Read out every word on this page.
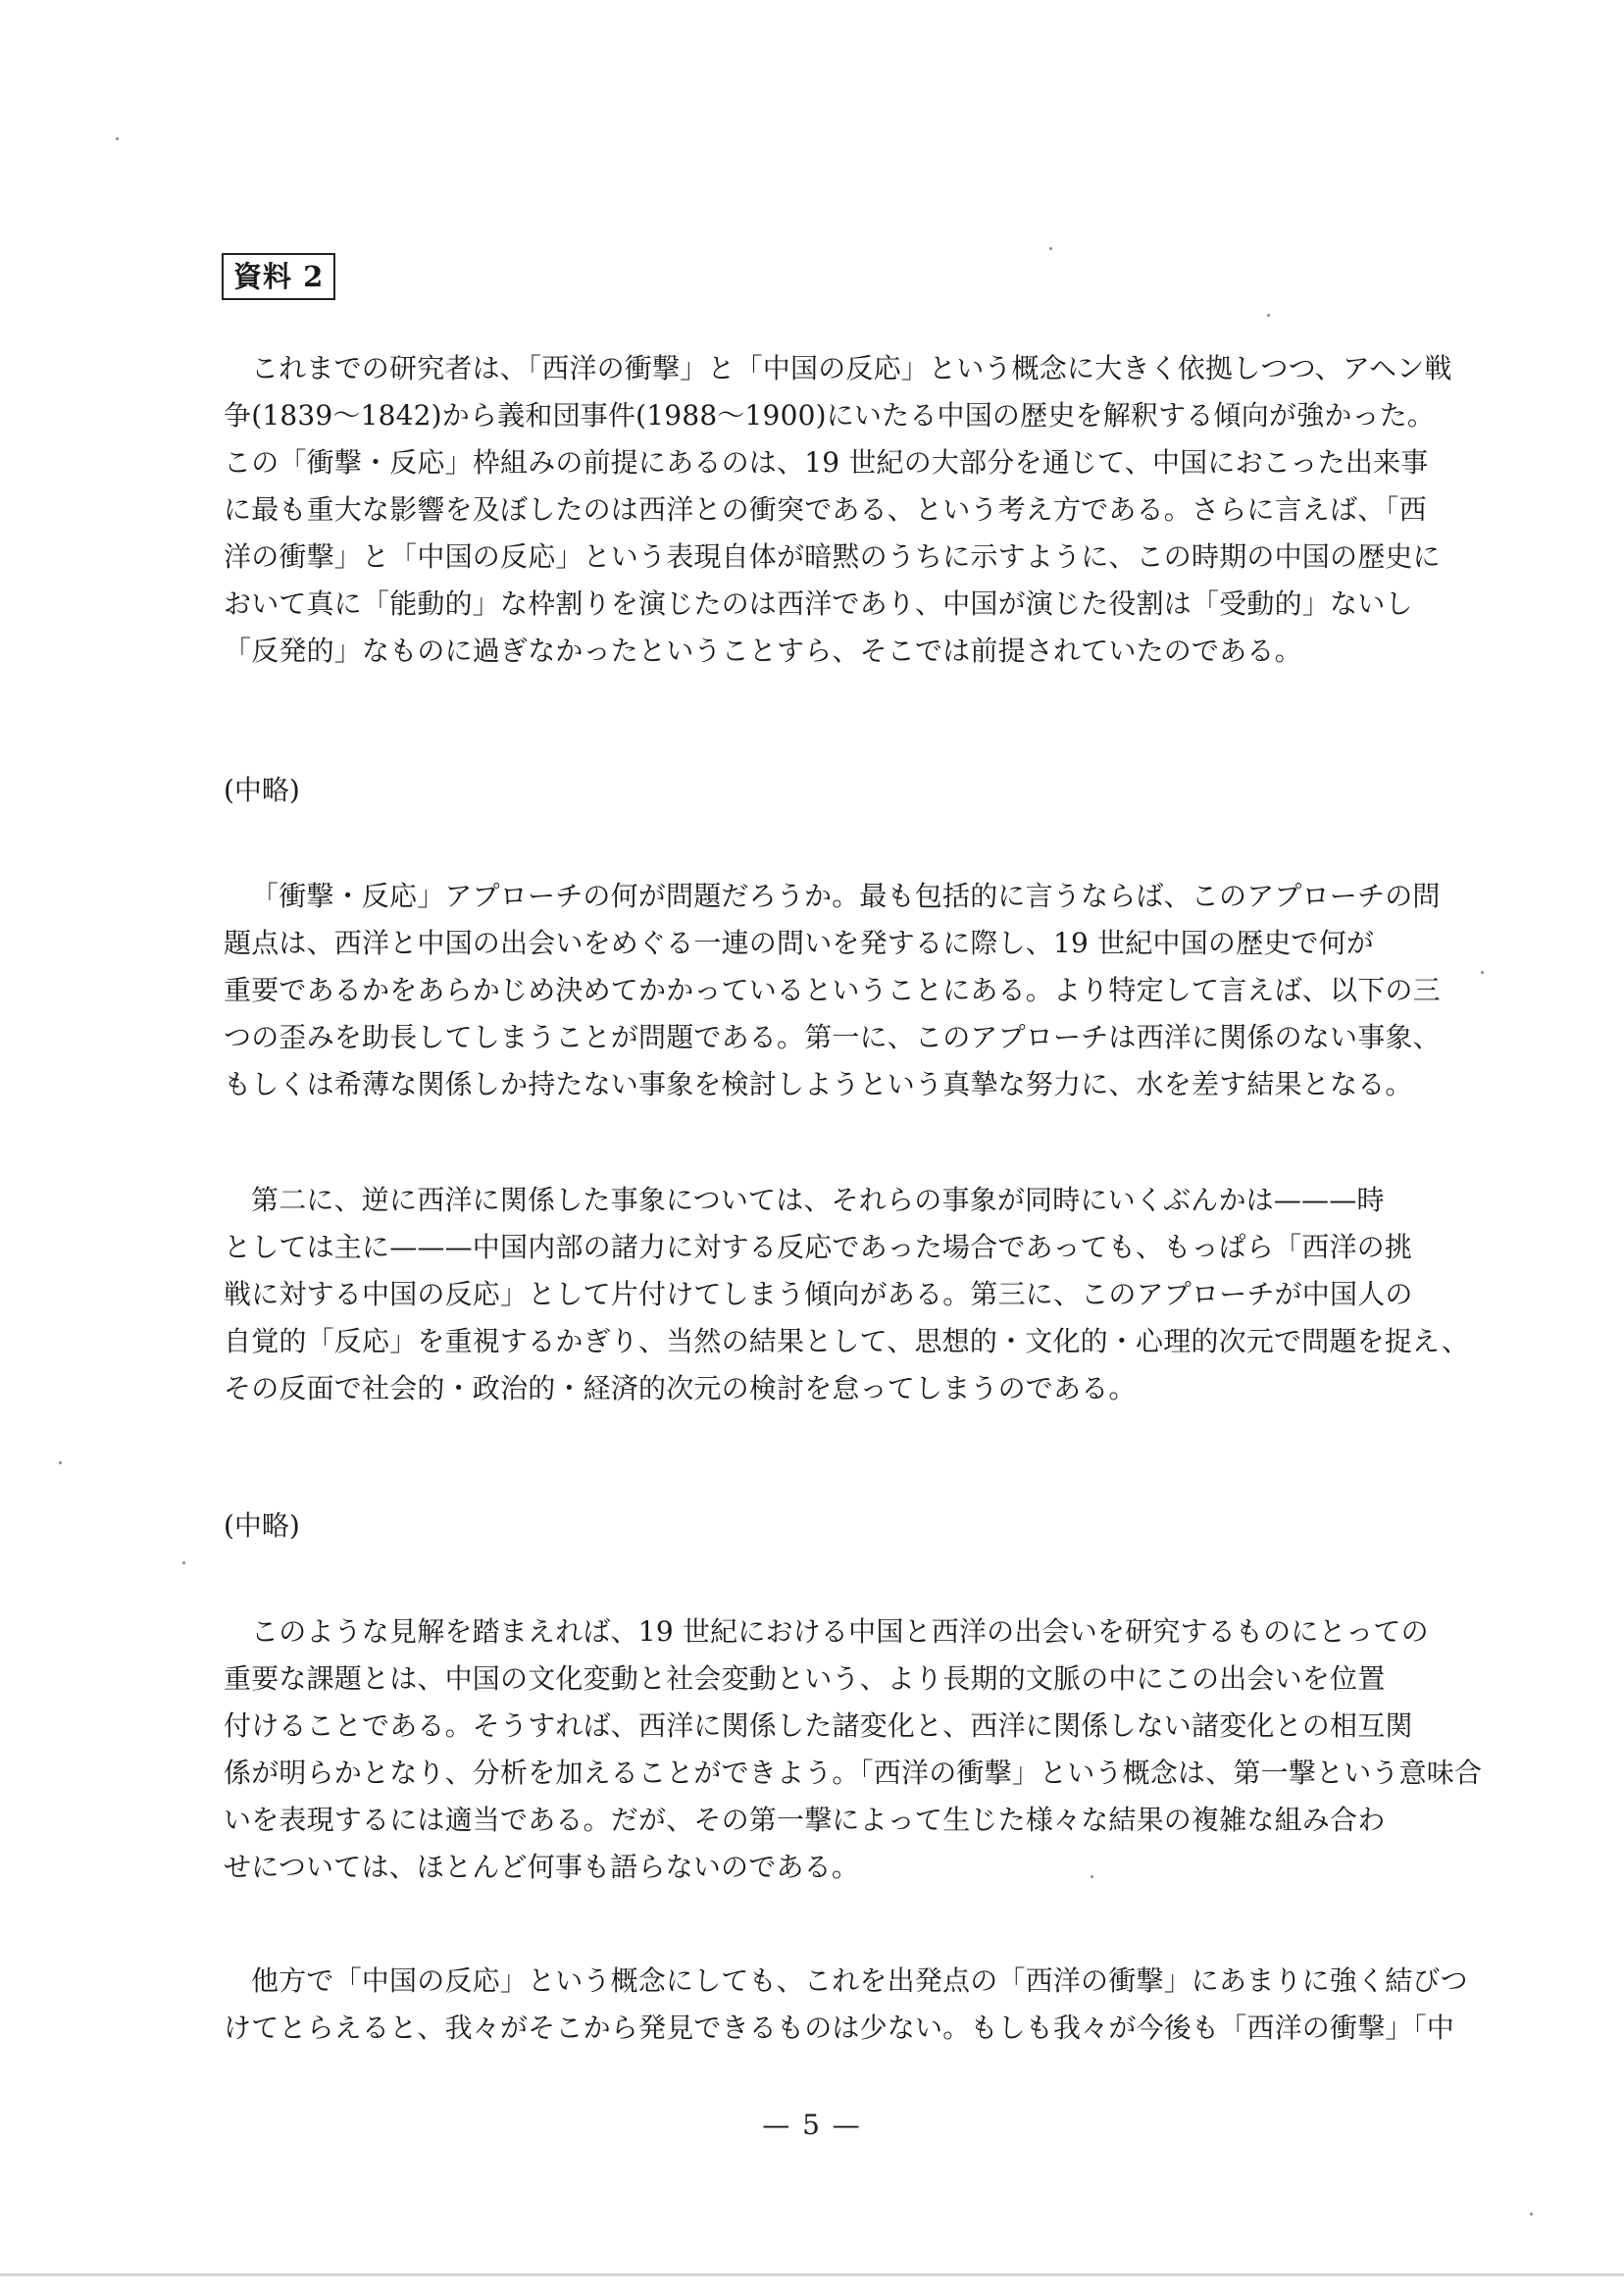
資料 2

これまでの研究者は、「西洋の衝撃」と「中国の反応」という概念に大きく依拠しつつ、アヘン戦
争(1839〜1842)から義和団事件(1988〜1900)にいたる中国の歴史を解釈する傾向が強かった。
この「衝撃・反応」枠組みの前提にあるのは、19 世紀の大部分を通じて、中国におこった出来事
に最も重大な影響を及ぼしたのは西洋との衝突である、という考え方である。さらに言えば、「西
洋の衝撃」と「中国の反応」という表現自体が暗黙のうちに示すように、この時期の中国の歴史に
おいて真に「能動的」な枠割りを演じたのは西洋であり、中国が演じた役割は「受動的」ないし
「反発的」なものに過ぎなかったということすら、そこでは前提されていたのである。

(中略)

「衝撃・反応」アプローチの何が問題だろうか。最も包括的に言うならば、このアプローチの問
題点は、西洋と中国の出会いをめぐる一連の問いを発するに際し、19 世紀中国の歴史で何が
重要であるかをあらかじめ決めてかかっているということにある。より特定して言えば、以下の三
つの歪みを助長してしまうことが問題である。第一に、このアプローチは西洋に関係のない事象、
もしくは希薄な関係しか持たない事象を検討しようという真摯な努力に、水を差す結果となる。

第二に、逆に西洋に関係した事象については、それらの事象が同時にいくぶんかは———時
としては主に———中国内部の諸力に対する反応であった場合であっても、もっぱら「西洋の挑
戦に対する中国の反応」として片付けてしまう傾向がある。第三に、このアプローチが中国人の
自覚的「反応」を重視するかぎり、当然の結果として、思想的・文化的・心理的次元で問題を捉え、
その反面で社会的・政治的・経済的次元の検討を怠ってしまうのである。

(中略)

このような見解を踏まえれば、19 世紀における中国と西洋の出会いを研究するものにとっての
重要な課題とは、中国の文化変動と社会変動という、より長期的文脈の中にこの出会いを位置
付けることである。そうすれば、西洋に関係した諸変化と、西洋に関係しない諸変化との相互関
係が明らかとなり、分析を加えることができよう。「西洋の衝撃」という概念は、第一撃という意味合
いを表現するには適当である。だが、その第一撃によって生じた様々な結果の複雑な組み合わ
せについては、ほとんど何事も語らないのである。

他方で「中国の反応」という概念にしても、これを出発点の「西洋の衝撃」にあまりに強く結びつ
けてとらえると、我々がそこから発見できるものは少ない。もしも我々が今後も「西洋の衝撃」「中

— 5 —
